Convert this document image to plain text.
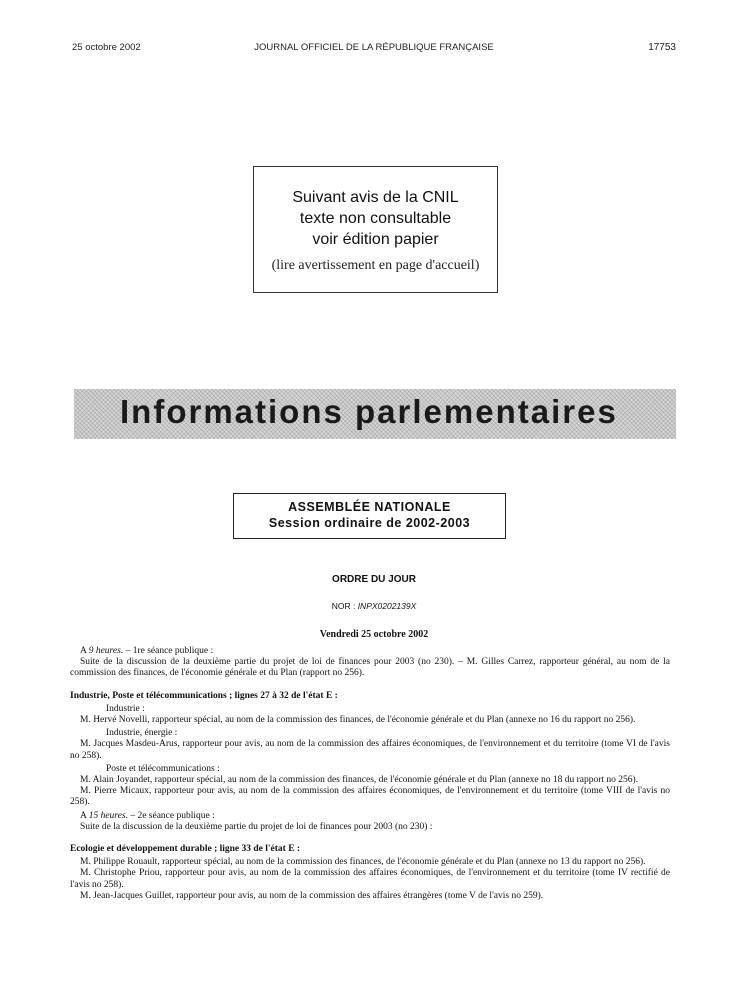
25 octobre 2002	JOURNAL OFFICIEL DE LA RÉPUBLIQUE FRANÇAISE	17753
Suivant avis de la CNIL
texte non consultable
voir édition papier
(lire avertissement en page d'accueil)
Informations parlementaires
ASSEMBLÉE NATIONALE
Session ordinaire de 2002-2003
ORDRE DU JOUR
NOR : INPX0202139X
Vendredi 25 octobre 2002

A 9 heures. – 1re séance publique :

Suite de la discussion de la deuxième partie du projet de loi de finances pour 2003 (no 230). – M. Gilles Carrez, rapporteur général, au nom de la commission des finances, de l'économie générale et du Plan (rapport no 256).

Industrie, Poste et télécommunications ; lignes 27 à 32 de l'état E :

Industrie :

M. Hervé Novelli, rapporteur spécial, au nom de la commission des finances, de l'économie générale et du Plan (annexe no 16 du rapport no 256).

Industrie, énergie :

M. Jacques Masdeu-Arus, rapporteur pour avis, au nom de la commission des affaires économiques, de l'environnement et du territoire (tome VI de l'avis no 258).

Poste et télécommunications :

M. Alain Joyandet, rapporteur spécial, au nom de la commission des finances, de l'économie générale et du Plan (annexe no 18 du rapport no 256).

M. Pierre Micaux, rapporteur pour avis, au nom de la commission des affaires économiques, de l'environnement et du territoire (tome VIII de l'avis no 258).

A 15 heures. – 2e séance publique :

Suite de la discussion de la deuxième partie du projet de loi de finances pour 2003 (no 230) :

Ecologie et développement durable ; ligne 33 de l'état E :

M. Philippe Rouault, rapporteur spécial, au nom de la commission des finances, de l'économie générale et du Plan (annexe no 13 du rapport no 256).

M. Christophe Priou, rapporteur pour avis, au nom de la commission des affaires économiques, de l'environnement et du territoire (tome IV rectifié de l'avis no 258).

M. Jean-Jacques Guillet, rapporteur pour avis, au nom de la commission des affaires étrangères (tome V de l'avis no 259).
